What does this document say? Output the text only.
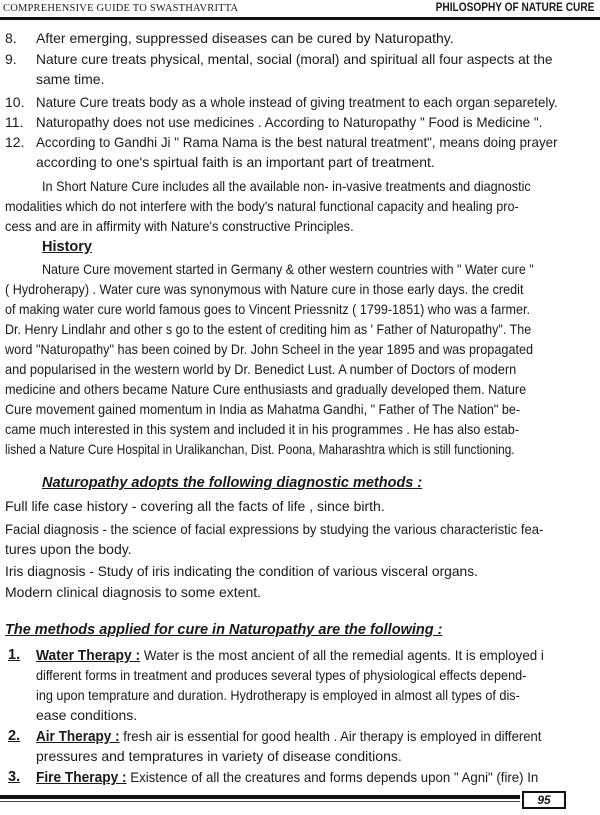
COMPREHENSIVE GUIDE TO SWASTHAVRITTA	PHILOSOPHY OF NATURE CURE
8. After emerging, suppressed diseases can be cured by Naturopathy.
9. Nature cure treats physical, mental, social (moral) and spiritual all four aspects at the
same time.
10. Nature Cure treats body as a whole instead of giving treatment to each organ separetely.
11. Naturopathy does not use medicines . According to Naturopathy " Food is Medicine ".
12. According to Gandhi Ji " Rama Nama is the best natural treatment", means doing prayer
according to one's spirtual faith is an important part of treatment.
In Short Nature Cure includes all the available non- in-vasive treatments and diagnostic
modalities which do not interfere with the body's natural functional capacity and healing pro-
cess and are in affirmity with Nature's constructive Principles.
History
Nature Cure movement started in Germany & other western countries with " Water cure "
( Hydroherapy) . Water cure was synonymous with Nature cure in those early days. the credit
of making water cure world famous goes to Vincent Priessnitz ( 1799-1851) who was a farmer.
Dr. Henry Lindlahr and other s go to the estent of crediting him as ' Father of Naturopathy". The
word "Naturopathy" has been coined by Dr. John Scheel in the year 1895 and was propagated
and popularised in the western world by Dr. Benedict Lust. A number of Doctors of modern
medicine and others became Nature Cure enthusiasts and gradually developed them. Nature
Cure movement gained momentum in India as Mahatma Gandhi, " Father of The Nation" be-
came much interested in this system and included it in his programmes . He has also estab-
lished a Nature Cure Hospital in Uralikanchan, Dist. Poona, Maharashtra which is still functioning.
Naturopathy adopts the following diagnostic methods :
Full life case history - covering all the facts of life , since birth.
Facial diagnosis - the science of facial expressions by studying the various characteristic fea-
tures upon the body.
Iris diagnosis - Study of iris indicating the condition of various visceral organs.
Modern clinical diagnosis to some extent.
The methods applied for cure in Naturopathy are the following :
1. Water Therapy : Water is the most ancient of all the remedial agents. It is employed i
different forms in treatment and produces several types of physiological effects depend-
ing upon temprature and duration. Hydrotherapy is employed in almost all types of dis-
ease conditions.
2. Air Therapy : fresh air is essential for good health . Air therapy is employed in different
pressures and tempratures in variety of disease conditions.
3. Fire Therapy : Existence of all the creatures and forms depends upon " Agni" (fire) In
95
